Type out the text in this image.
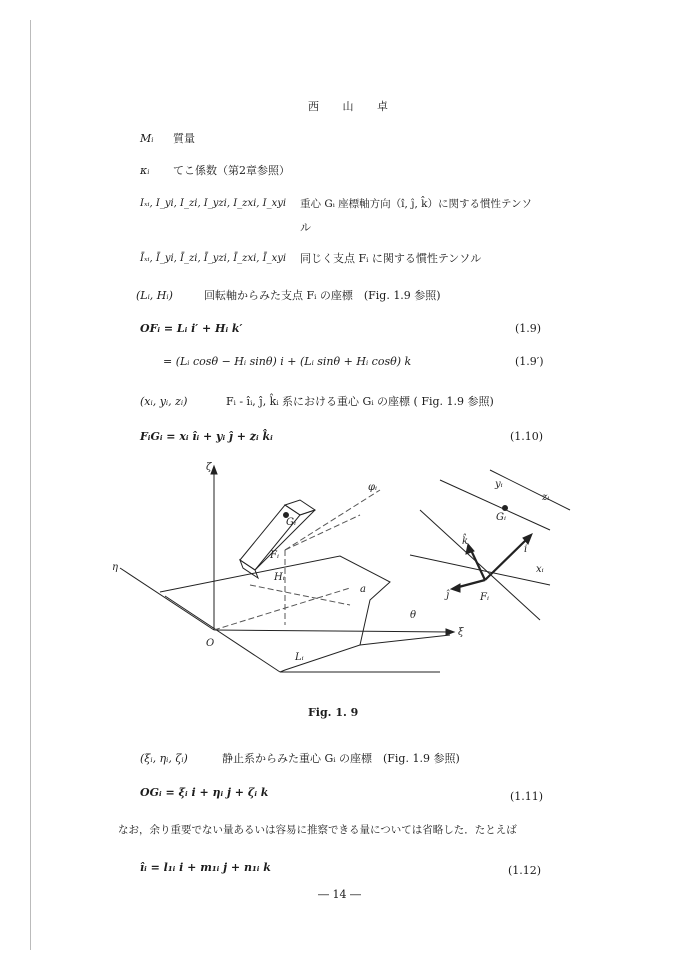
西 山 卓
Mᵢ 質量
κᵢ てこ係数（第2章参照）
Iₓᵢ, I_yi, I_zi, I_yzi, I_zxi, I_xyi 重心 Gᵢ 座標軸方向（î, ĵ, k̂）に関する慣性テンソ
ル
Īₓᵢ, Ī_yi, Ī_zi, Ī_yzi, Ī_zxi, Ī_xyi 同じく支点 Fᵢ に関する慣性テンソル
(Lᵢ, Hᵢ)	回転軸からみた支点 Fᵢ の座標　(Fig. 1.9 参照)
OFᵢ = Lᵢ i′ + Hᵢ k′	(1.9)
= (Lᵢ cosθ − Hᵢ sinθ) i + (Lᵢ sinθ + Hᵢ cosθ) k	(1.9′)
(xᵢ, yᵢ, zᵢ)	Fᵢ - îᵢ, ĵ, k̂ᵢ 系における重心 Gᵢ の座標 ( Fig. 1.9 参照)
FᵢGᵢ = xᵢ îᵢ + yᵢ ĵ + zᵢ k̂ᵢ	(1.10)
ζ
η
ξ
O
Fᵢ
Gᵢ
Hᵢ
Lᵢ
φᵢ
θ
a
yᵢ
zᵢ
xᵢ
k̂
i
ĵ	Fᵢ
Gᵢ
Fig. 1. 9
(ξᵢ, ηᵢ, ζᵢ)	静止系からみた重心 Gᵢ の座標　(Fig. 1.9 参照)
OGᵢ = ξᵢ i + ηᵢ j + ζᵢ k	(1.11)
なお，余り重要でない量あるいは容易に推察できる量については省略した．たとえば
îᵢ = l₁ᵢ i + m₁ᵢ j + n₁ᵢ k	(1.12)
― 14 ―
